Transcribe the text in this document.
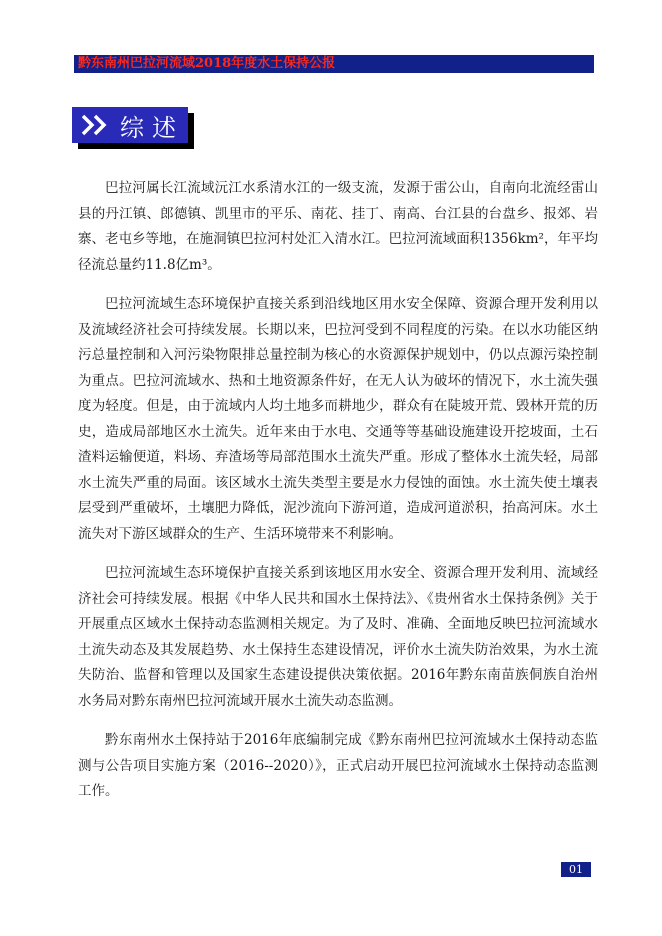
黔东南州巴拉河流域2018年度水土保持公报
综述

巴拉河属长江流域沅江水系清水江的一级支流，发源于雷公山，自南向北流经雷山县的丹江镇、郎德镇、凯里市的平乐、南花、挂丁、南高、台江县的台盘乡、报郊、岩寨、老屯乡等地，在施洞镇巴拉河村处汇入清水江。巴拉河流域面积1356km²，年平均径流总量约11.8亿m³。

巴拉河流域生态环境保护直接关系到沿线地区用水安全保障、资源合理开发利用以及流域经济社会可持续发展。长期以来，巴拉河受到不同程度的污染。在以水功能区纳污总量控制和入河污染物限排总量控制为核心的水资源保护规划中，仍以点源污染控制为重点。巴拉河流域水、热和土地资源条件好，在无人认为破坏的情况下，水土流失强度为轻度。但是，由于流域内人均土地多而耕地少，群众有在陡坡开荒、毁林开荒的历史，造成局部地区水土流失。近年来由于水电、交通等等基础设施建设开挖坡面，土石渣料运输便道，料场、弃渣场等局部范围水土流失严重。形成了整体水土流失轻，局部水土流失严重的局面。该区域水土流失类型主要是水力侵蚀的面蚀。水土流失使土壤表层受到严重破坏，土壤肥力降低，泥沙流向下游河道，造成河道淤积，抬高河床。水土流失对下游区域群众的生产、生活环境带来不利影响。

巴拉河流域生态环境保护直接关系到该地区用水安全、资源合理开发利用、流域经济社会可持续发展。根据《中华人民共和国水土保持法》、《贵州省水土保持条例》关于开展重点区域水土保持动态监测相关规定。为了及时、准确、全面地反映巴拉河流域水土流失动态及其发展趋势、水土保持生态建设情况，评价水土流失防治效果，为水土流失防治、监督和管理以及国家生态建设提供决策依据。2016年黔东南苗族侗族自治州水务局对黔东南州巴拉河流域开展水土流失动态监测。

黔东南州水土保持站于2016年底编制完成《黔东南州巴拉河流域水土保持动态监测与公告项目实施方案（2016--2020）》，正式启动开展巴拉河流域水土保持动态监测工作。

01
